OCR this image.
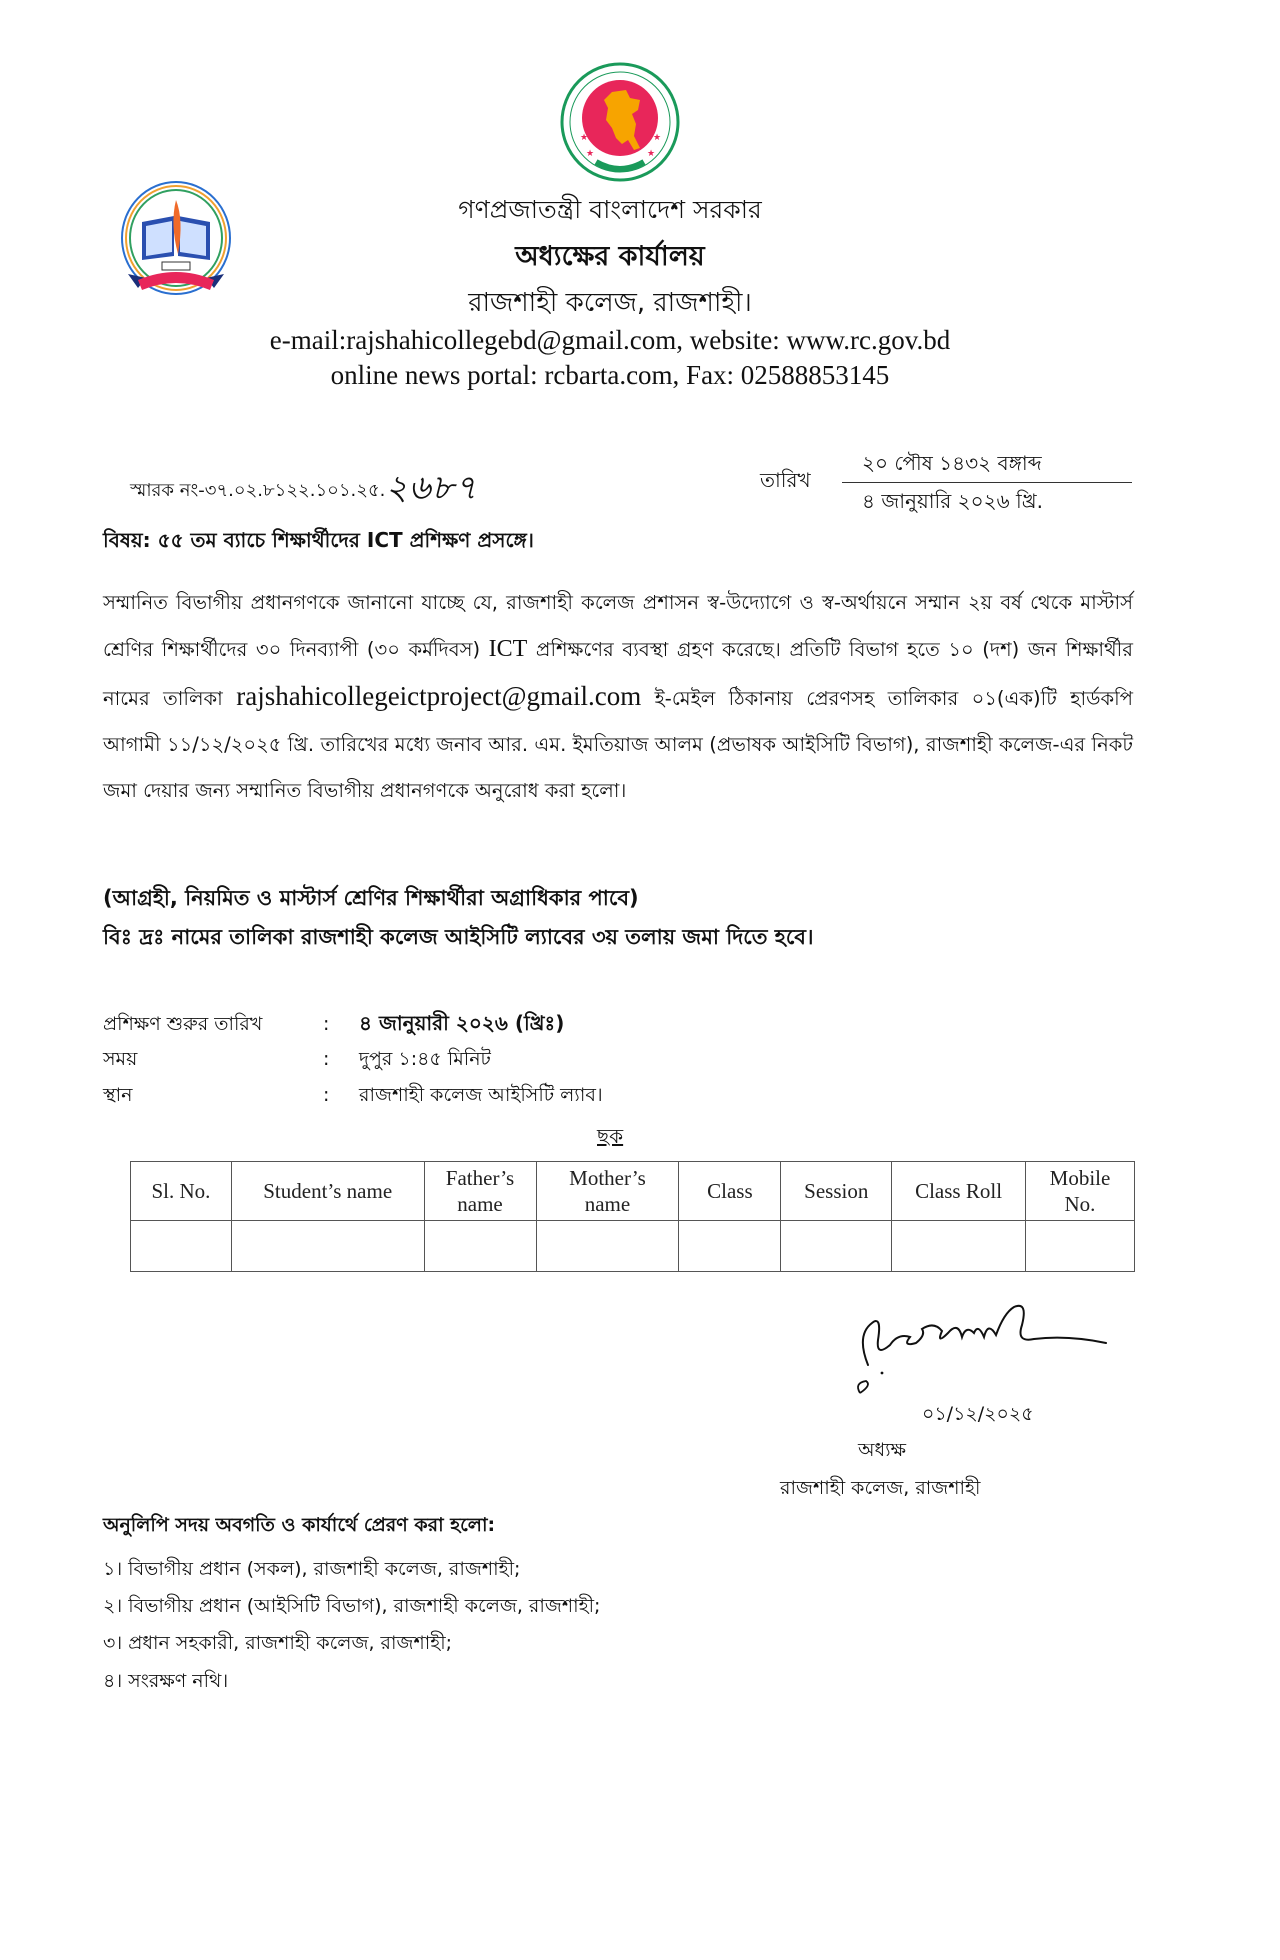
★	★
★	★
গণপ্রজাতন্ত্রী বাংলাদেশ সরকার
অধ্যক্ষের কার্যালয়
রাজশাহী কলেজ, রাজশাহী।
e-mail:rajshahicollegebd@gmail.com, website: www.rc.gov.bd
online news portal: rcbarta.com, Fax: 02588853145
স্মারক নং-৩৭.০২.৮১২২.১০১.২৫.২৬৮৭	তারিখ
২০ পৌষ ১৪৩২ বঙ্গাব্দ
৪ জানুয়ারি ২০২৬ খ্রি.
বিষয়: ৫৫ তম ব্যাচে শিক্ষার্থীদের ICT প্রশিক্ষণ প্রসঙ্গে।
সম্মানিত বিভাগীয় প্রধানগণকে জানানো যাচ্ছে যে, রাজশাহী কলেজ প্রশাসন স্ব-উদ্যোগে ও স্ব-অর্থায়নে সম্মান ২য় বর্ষ থেকে মাস্টার্স শ্রেণির শিক্ষার্থীদের ৩০ দিনব্যাপী (৩০ কর্মদিবস) ICT প্রশিক্ষণের ব্যবস্থা গ্রহণ করেছে। প্রতিটি বিভাগ হতে ১০ (দশ) জন শিক্ষার্থীর নামের তালিকা rajshahicollegeictproject@gmail.com ই-মেইল ঠিকানায় প্রেরণসহ তালিকার ০১(এক)টি হার্ডকপি আগামী ১১/১২/২০২৫ খ্রি. তারিখের মধ্যে জনাব আর. এম. ইমতিয়াজ আলম (প্রভাষক আইসিটি বিভাগ), রাজশাহী কলেজ-এর নিকট জমা দেয়ার জন্য সম্মানিত বিভাগীয় প্রধানগণকে অনুরোধ করা হলো।
(আগ্রহী, নিয়মিত ও মাস্টার্স শ্রেণির শিক্ষার্থীরা অগ্রাধিকার পাবে)
বিঃ দ্রঃ নামের তালিকা রাজশাহী কলেজ আইসিটি ল্যাবের ৩য় তলায় জমা দিতে হবে।
প্রশিক্ষণ শুরুর তারিখ	: ৪ জানুয়ারী ২০২৬ (খ্রিঃ)
সময়	: দুপুর ১:৪৫ মিনিট
স্থান	: রাজশাহী কলেজ আইসিটি ল্যাব।
ছক
Sl. No.	Student’s name	Father’s name	Mother’s name	Class	Session	Class Roll	Mobile No.

০১/১২/২০২৫
অধ্যক্ষ
রাজশাহী কলেজ, রাজশাহী
অনুলিপি সদয় অবগতি ও কার্যার্থে প্রেরণ করা হলো:
১। বিভাগীয় প্রধান (সকল), রাজশাহী কলেজ, রাজশাহী;
২। বিভাগীয় প্রধান (আইসিটি বিভাগ), রাজশাহী কলেজ, রাজশাহী;
৩। প্রধান সহকারী, রাজশাহী কলেজ, রাজশাহী;
৪। সংরক্ষণ নথি।
